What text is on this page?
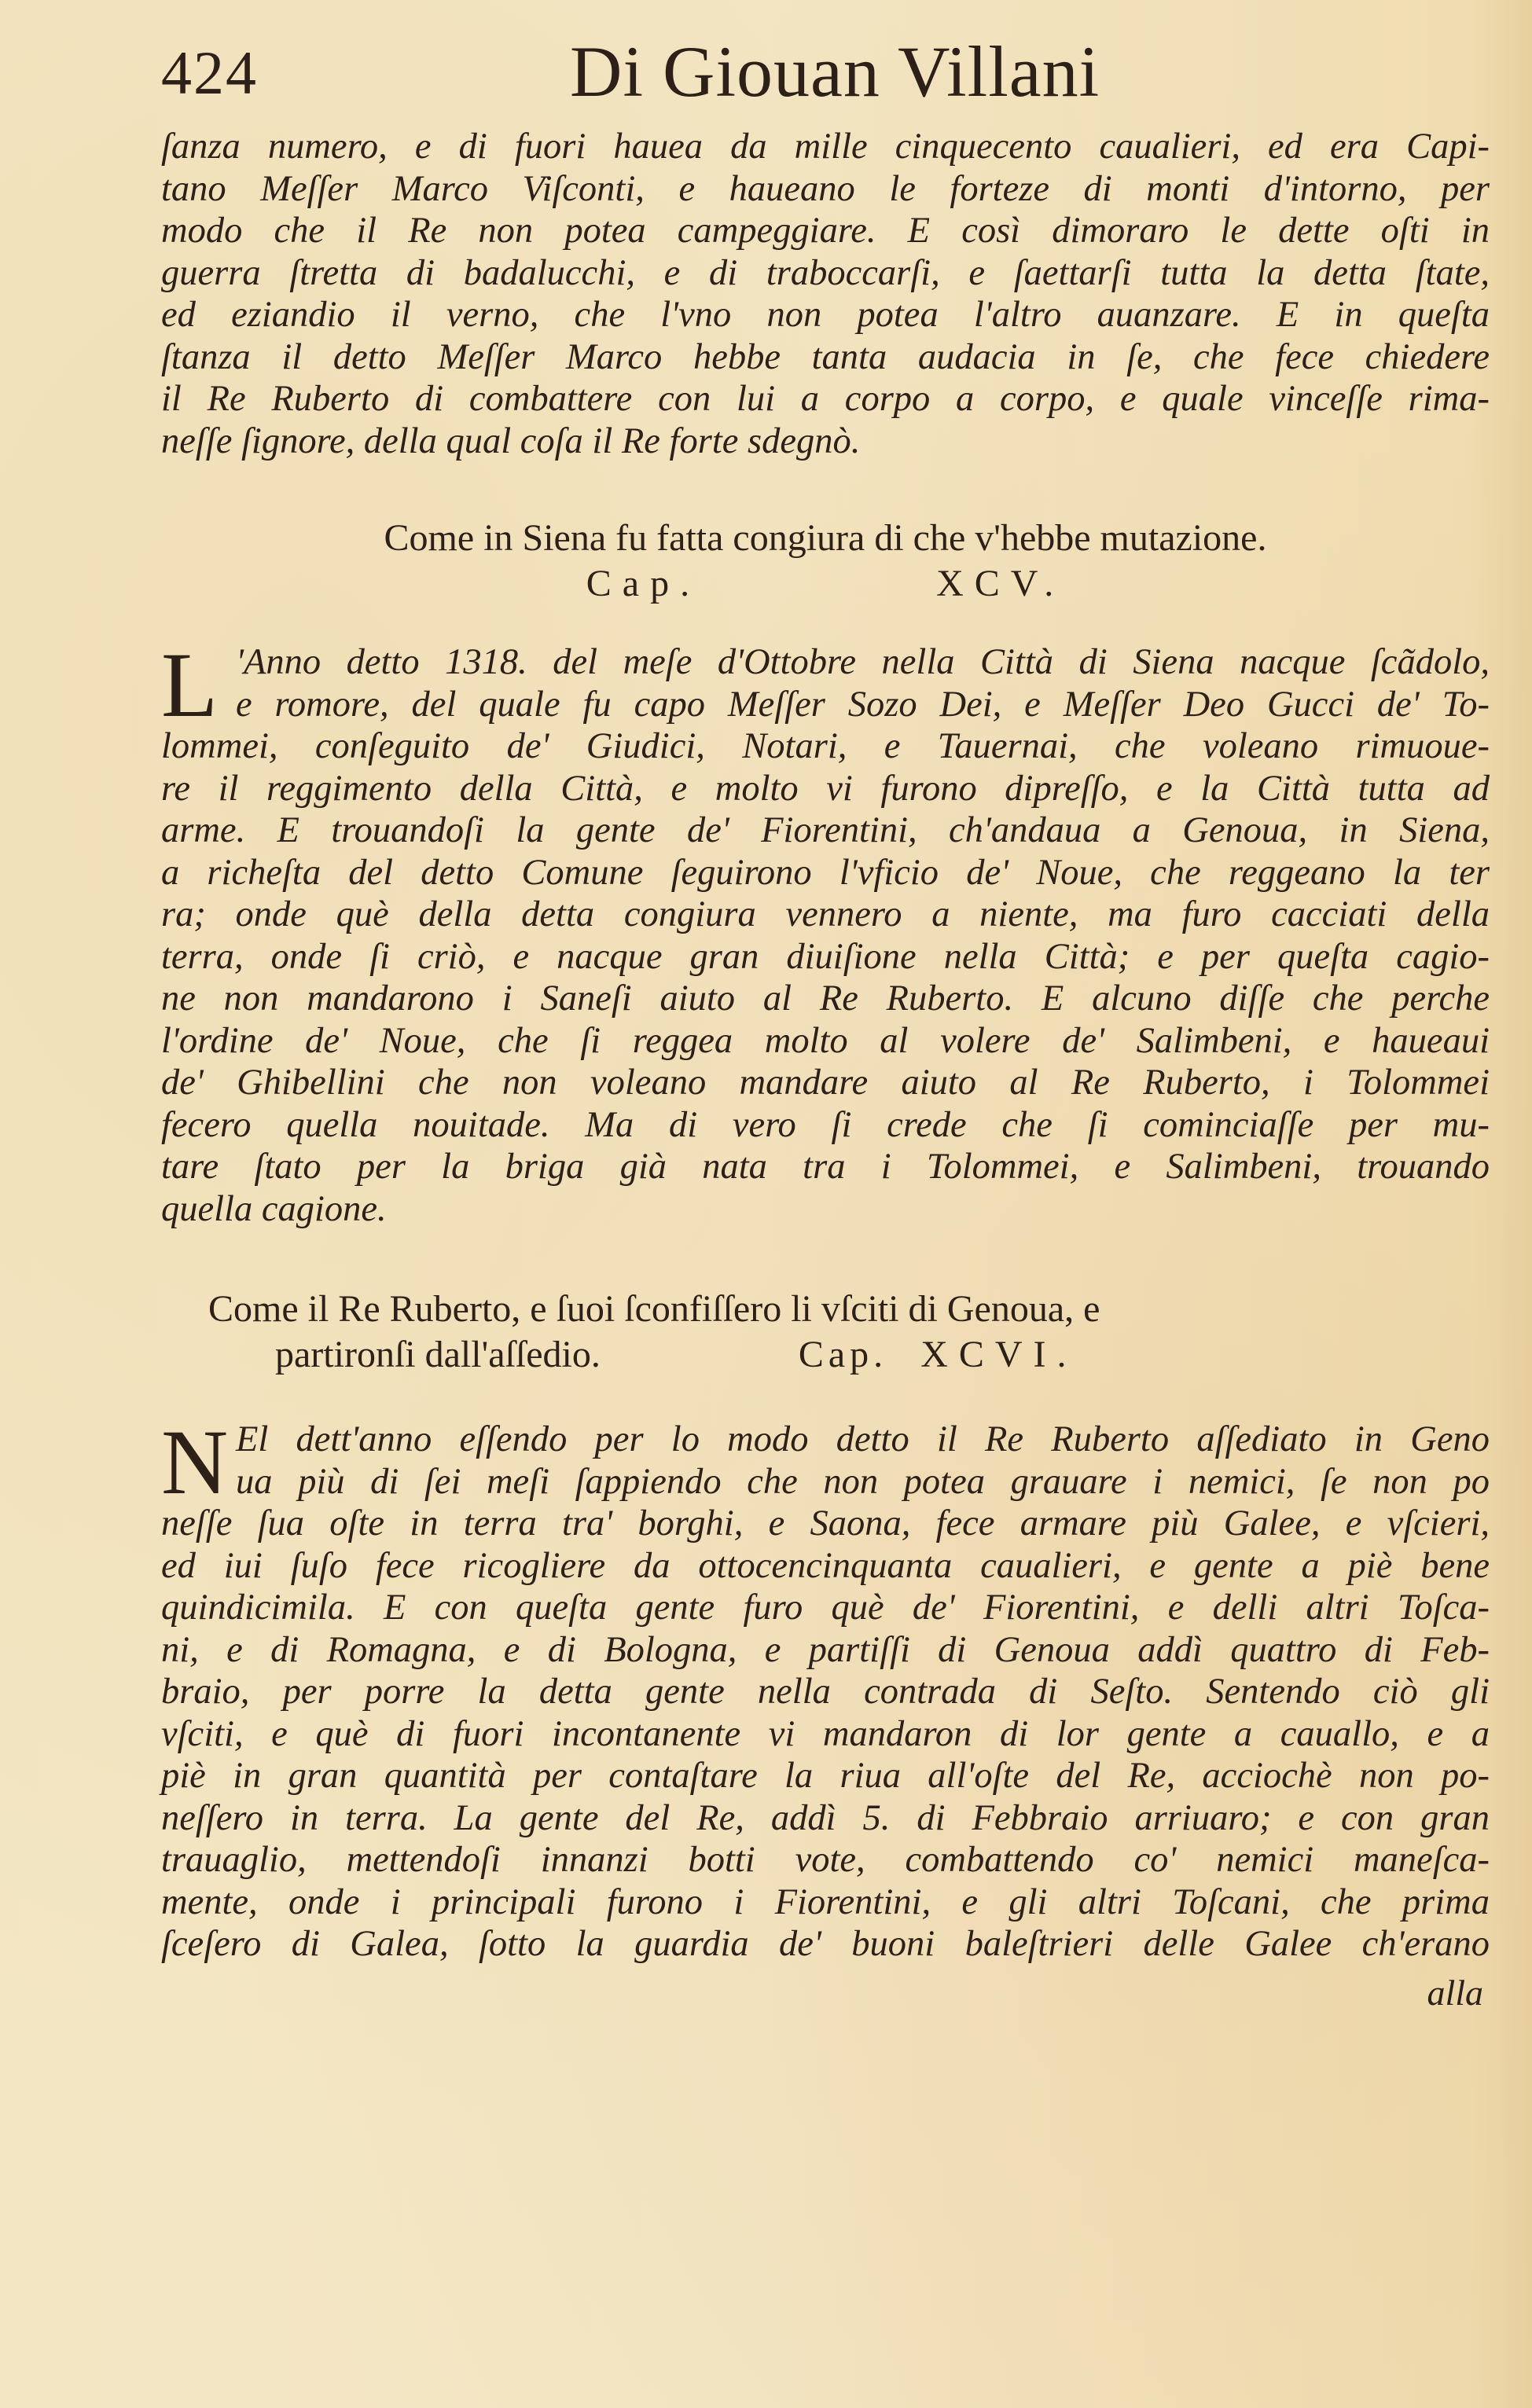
424	Di Giouan Villani
ſanza numero, e di fuori hauea da mille cinquecento caualieri, ed era Capi-
tano Meſſer Marco Viſconti, e haueano le forteze di monti d'intorno, per
modo che il Re non potea campeggiare. E così dimoraro le dette oſti in
guerra ſtretta di badalucchi, e di traboccarſi, e ſaettarſi tutta la detta ſtate,
ed eziandio il verno, che l'vno non potea l'altro auanzare. E in queſta
ſtanza il detto Meſſer Marco hebbe tanta audacia in ſe, che fece chiedere
il Re Ruberto di combattere con lui a corpo a corpo, e quale vinceſſe rima-
neſſe ſignore, della qual coſa il Re forte sdegnò.
Come in Siena fu fatta congiura di che v'hebbe mutazione.
Cap.	XCV.
L 'Anno detto 1318. del meſe d'Ottobre nella Città di Siena nacque ſcãdolo,
e romore, del quale fu capo Meſſer Sozo Dei, e Meſſer Deo Gucci de' To-
lommei, conſeguito de' Giudici, Notari, e Tauernai, che voleano rimuoue-
re il reggimento della Città, e molto vi furono dipreſſo, e la Città tutta ad
arme. E trouandoſi la gente de' Fiorentini, ch'andaua a Genoua, in Siena,
a richeſta del detto Comune ſeguirono l'vficio de' Noue, che reggeano la ter
ra; onde què della detta congiura vennero a niente, ma furo cacciati della
terra, onde ſi criò, e nacque gran diuiſione nella Città; e per queſta cagio-
ne non mandarono i Saneſi aiuto al Re Ruberto. E alcuno diſſe che perche
l'ordine de' Noue, che ſi reggea molto al volere de' Salimbeni, e haueaui
de' Ghibellini che non voleano mandare aiuto al Re Ruberto, i Tolommei
fecero quella nouitade. Ma di vero ſi crede che ſi cominciaſſe per mu-
tare ſtato per la briga già nata tra i Tolommei, e Salimbeni, trouando
quella cagione.
Come il Re Ruberto, e ſuoi ſconfiſſero li vſciti di Genoua, e
partironſi dall'aſſedio.	Cap. XCVI.
N El dett'anno eſſendo per lo modo detto il Re Ruberto aſſediato in Geno
ua più di ſei meſi ſappiendo che non potea grauare i nemici, ſe non po
neſſe ſua oſte in terra tra' borghi, e Saona, fece armare più Galee, e vſcieri,
ed iui ſuſo fece ricogliere da ottocencinquanta caualieri, e gente a piè bene
quindicimila. E con queſta gente furo què de' Fiorentini, e delli altri Toſca-
ni, e di Romagna, e di Bologna, e partiſſi di Genoua addì quattro di Feb-
braio, per porre la detta gente nella contrada di Seſto. Sentendo ciò gli
vſciti, e què di fuori incontanente vi mandaron di lor gente a cauallo, e a
piè in gran quantità per contaſtare la riua all'oſte del Re, acciochè non po-
neſſero in terra. La gente del Re, addì 5. di Febbraio arriuaro; e con gran
trauaglio, mettendoſi innanzi botti vote, combattendo co' nemici maneſca-
mente, onde i principali furono i Fiorentini, e gli altri Toſcani, che prima
ſceſero di Galea, ſotto la guardia de' buoni baleſtrieri delle Galee ch'erano
alla
